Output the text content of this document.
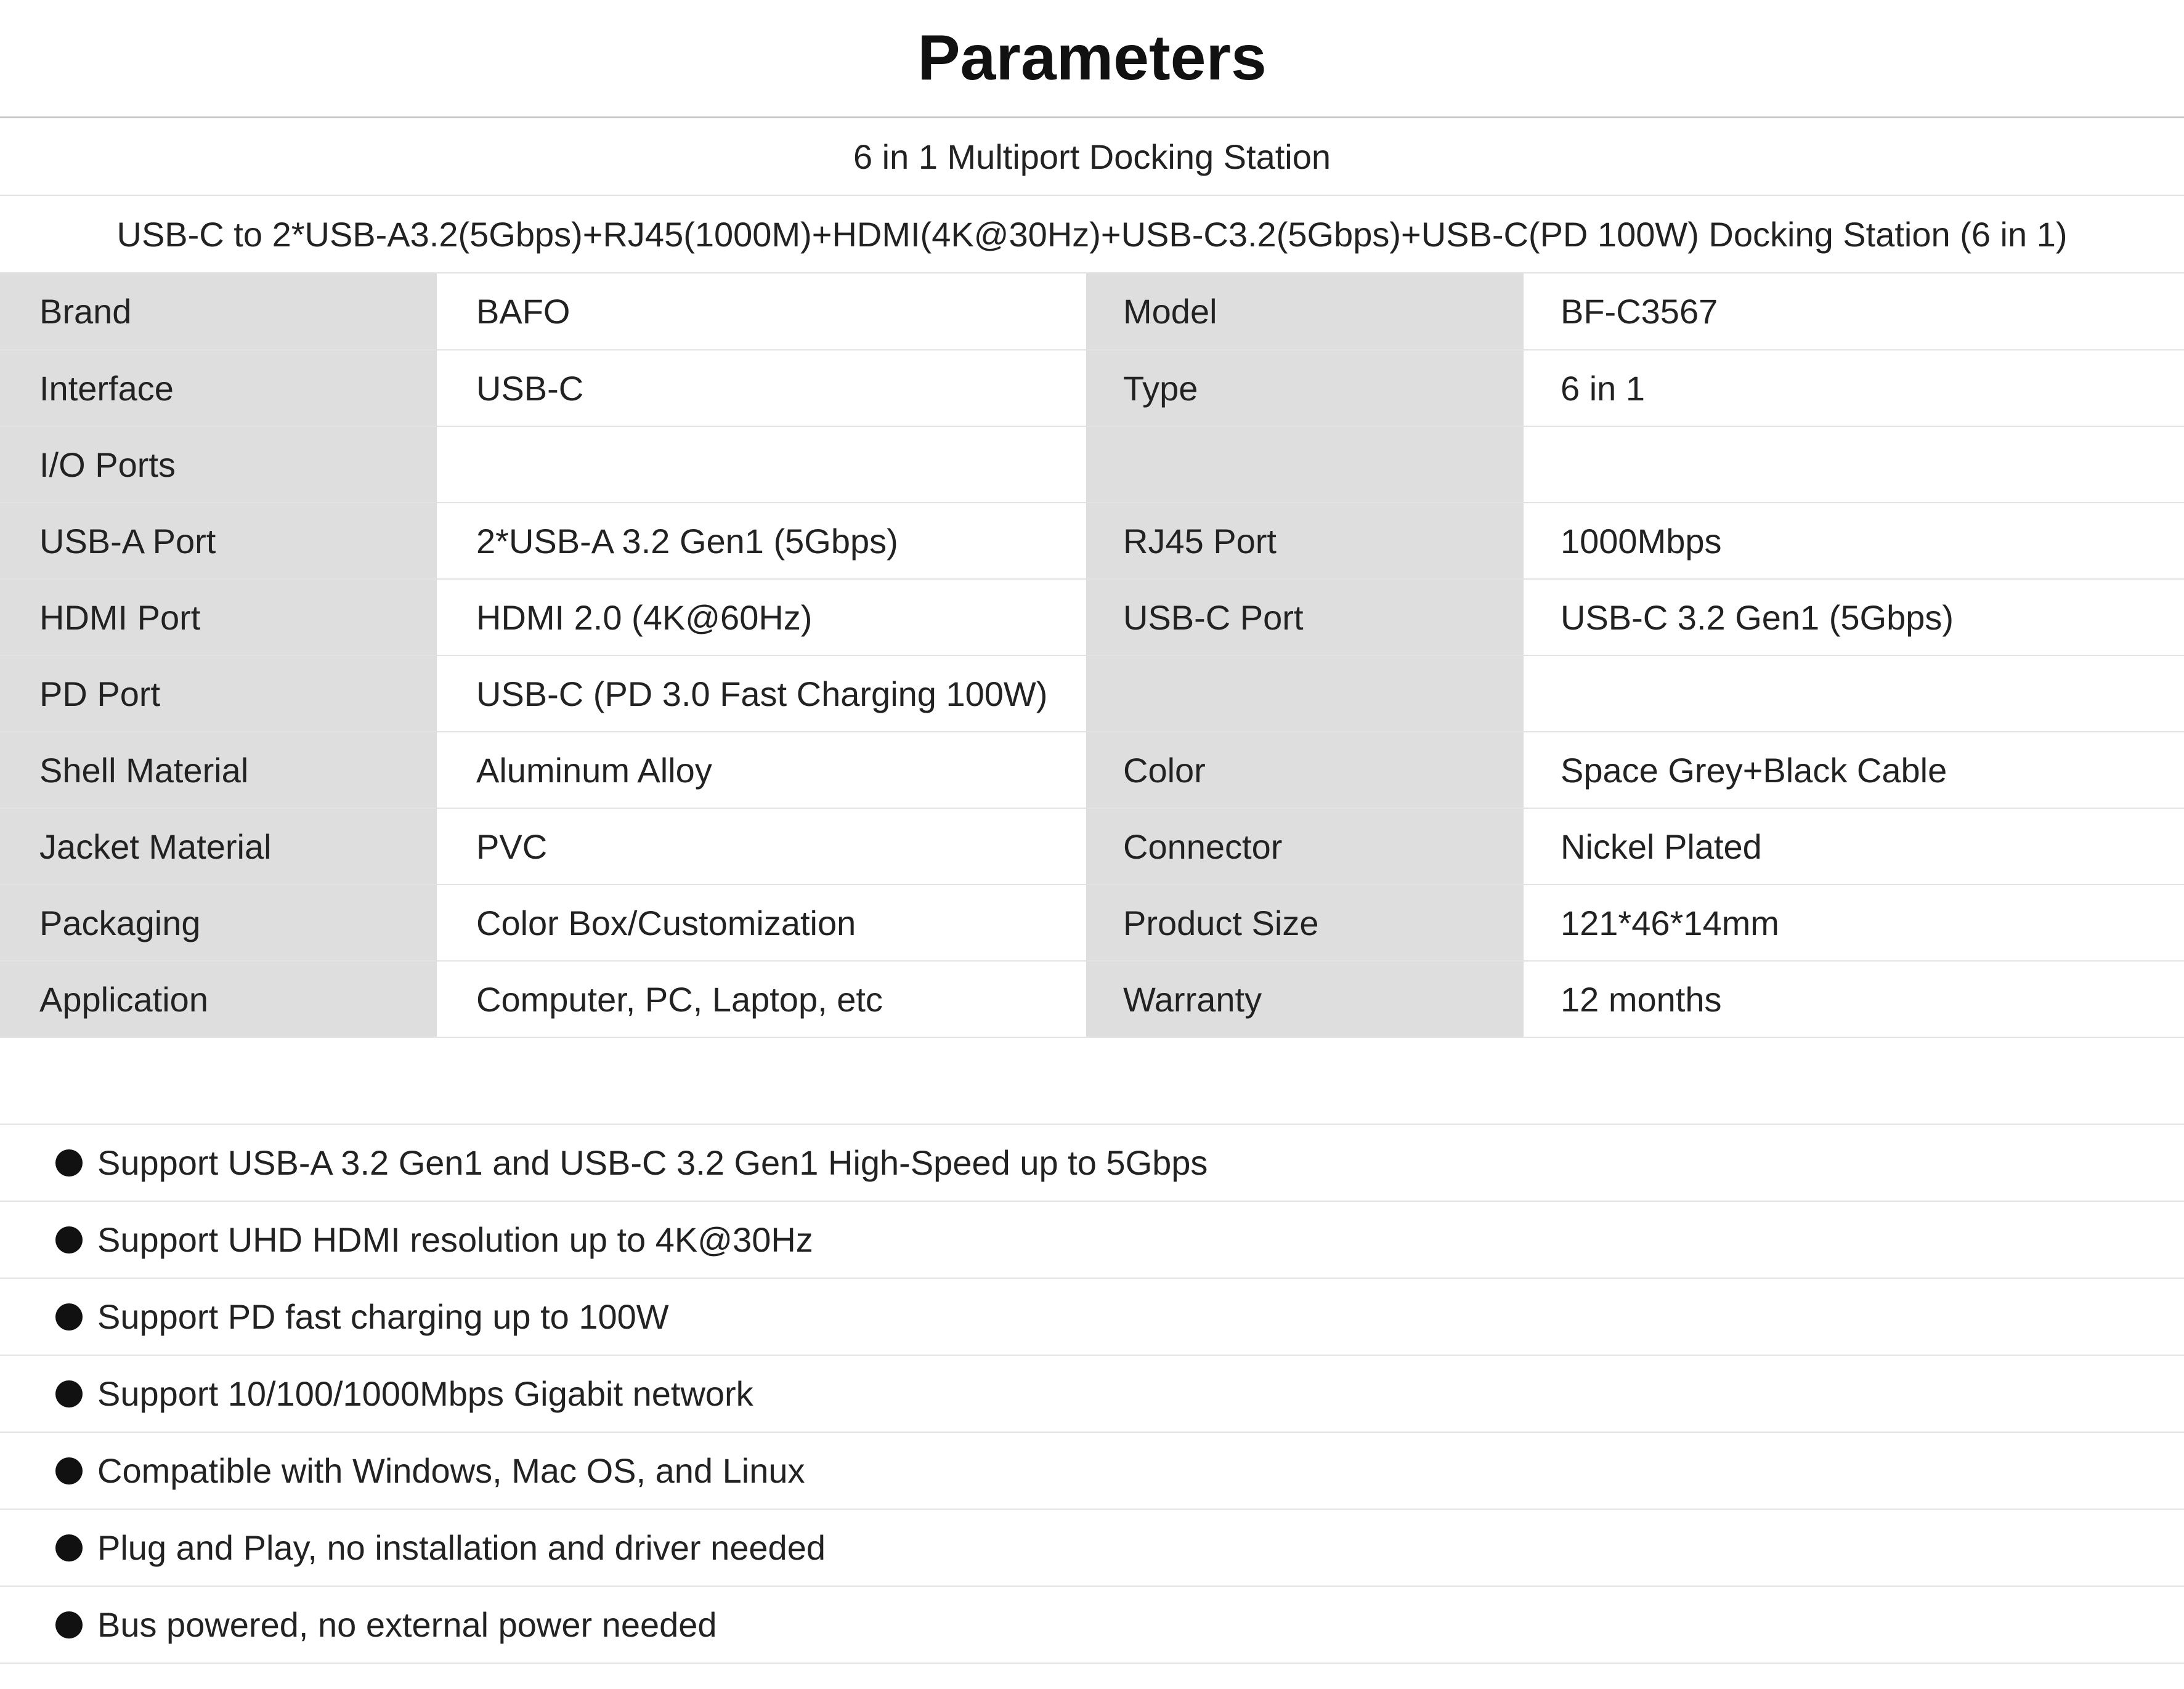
Parameters
6 in 1 Multiport Docking Station
USB-C to 2*USB-A3.2(5Gbps)+RJ45(1000M)+HDMI(4K@30Hz)+USB-C3.2(5Gbps)+USB-C(PD 100W) Docking Station (6 in 1)
Brand	BAFO	Model	BF-C3567
Interface	USB-C	Type	6 in 1
I/O Ports			
USB-A Port	2*USB-A 3.2 Gen1 (5Gbps)	RJ45 Port	1000Mbps
HDMI Port	HDMI 2.0 (4K@60Hz)	USB-C Port	USB-C 3.2 Gen1 (5Gbps)
PD Port	USB-C (PD 3.0 Fast Charging 100W)		
Shell Material	Aluminum Alloy	Color	Space Grey+Black Cable
Jacket Material	PVC	Connector	Nickel Plated
Packaging	Color Box/Customization	Product Size	121*46*14mm
Application	Computer, PC, Laptop, etc	Warranty	12 months
Support USB-A 3.2 Gen1 and USB-C 3.2 Gen1 High-Speed up to 5Gbps
Support UHD HDMI resolution up to 4K@30Hz
Support PD fast charging up to 100W
Support 10/100/1000Mbps Gigabit network
Compatible with Windows, Mac OS, and Linux
Plug and Play, no installation and driver needed
Bus powered, no external power needed
